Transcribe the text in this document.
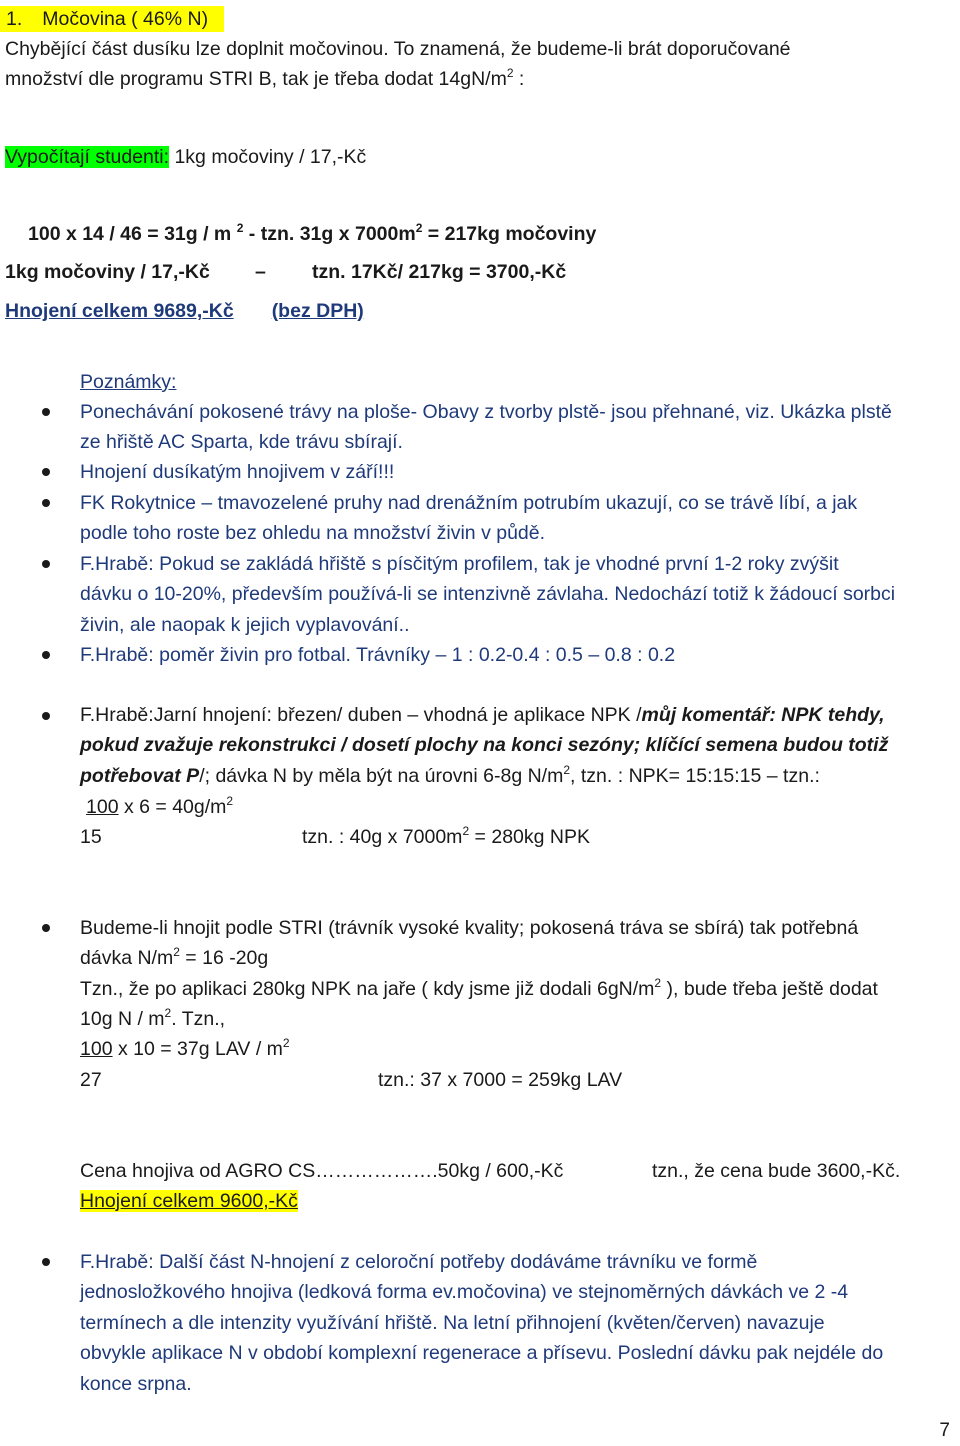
1. Močovina ( 46% N)
Chybějící část dusíku lze doplnit močovinou. To znamená, že budeme-li brát doporučované
množství dle programu STRI B, tak je třeba dodat $14gN/m^2$ :
Vypočítají studenti: 1kg močoviny / 17,-Kč
100 x 14 / 46 = 31g / m $^2$ - tzn. 31g x $7000m^2 = 217kg$ močoviny
1kg močoviny / 17,-Kč – tzn. 17Kč/ 217kg = 3700,-Kč
Hnojení celkem 9689,-Kč (bez DPH)
Poznámky:
Ponechávání pokosené trávy na ploše- Obavy z tvorby plstě- jsou přehnané, viz. Ukázka plstě
ze hřiště AC Sparta, kde trávu sbírají.
Hnojení dusíkatým hnojivem v září!!!
FK Rokytnice – tmavozelené pruhy nad drenážním potrubím ukazují, co se trávě líbí, a jak
podle toho roste bez ohledu na množství živin v půdě.
F.Hrabě: Pokud se zakládá hřiště s písčitým profilem, tak je vhodné první 1-2 roky zvýšit
dávku o 10-20%, především používá-li se intenzivně závlaha. Nedochází totiž k žádoucí sorbci
živin, ale naopak k jejich vyplavování..
F.Hrabě: poměr živin pro fotbal. Trávníky – 1 : 0.2-0.4 : 0.5 – 0.8 : 0.2
F.Hrabě:Jarní hnojení: březen/ duben – vhodná je aplikace NPK /můj komentář: NPK tehdy,
pokud zvažuje rekonstrukci / dosetí plochy na konci sezóny; klíčící semena budou totiž
potřebovat P/; dávka N by měla být na úrovni 6-8g $N/m^2$, tzn. : NPK= 15:15:15 – tzn.:
100 x $6 = 40g/m^2$
15	tzn. : 40g x $7000m^2 = 280kg$ NPK
Budeme-li hnojit podle STRI (trávník vysoké kvality; pokosená tráva se sbírá) tak potřebná
dávka $N/m^2 = 16$ -20g
Tzn., že po aplikaci 280kg NPK na jaře ( kdy jsme již dodali $6gN/m^2$ ), bude třeba ještě dodat
10g N / $m^2$. Tzn.,
100 x 10 = 37g LAV / $m^2$
27	tzn.: 37 x 7000 = 259kg LAV
Cena hnojiva od AGRO CS……………….50kg / 600,-Kč	tzn., že cena bude 3600,-Kč.
Hnojení celkem 9600,-Kč
F.Hrabě: Další část N-hnojení z celoroční potřeby dodáváme trávníku ve formě
jednosložkového hnojiva (ledková forma ev.močovina) ve stejnoměrných dávkách ve 2 -4
termínech a dle intenzity využívání hřiště. Na letní přihnojení (květen/červen) navazuje
obvykle aplikace N v období komplexní regenerace a přísevu. Poslední dávku pak nejdéle do
konce srpna.
7
